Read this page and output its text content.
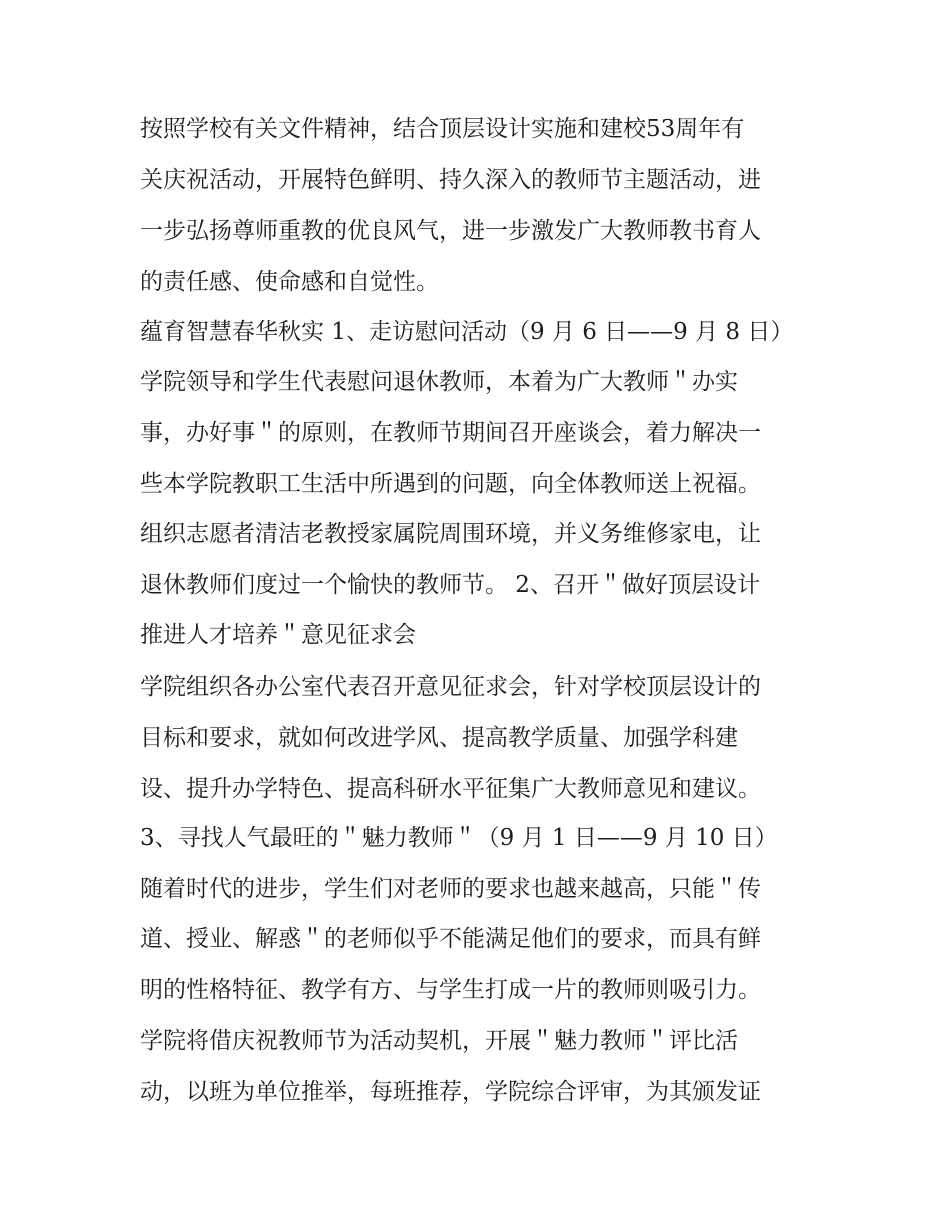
按照学校有关文件精神，结合顶层设计实施和建校53周年有
关庆祝活动，开展特色鲜明、持久深入的教师节主题活动，进
一步弘扬尊师重教的优良风气，进一步激发广大教师教书育人
的责任感、使命感和自觉性。
蕴育智慧春华秋实 1、走访慰问活动（9 月 6 日——9 月 8 日）
学院领导和学生代表慰问退休教师，本着为广大教师＂办实
事，办好事＂的原则，在教师节期间召开座谈会，着力解决一
些本学院教职工生活中所遇到的问题，向全体教师送上祝福。
组织志愿者清洁老教授家属院周围环境，并义务维修家电，让
退休教师们度过一个愉快的教师节。 2、召开＂做好顶层设计
推进人才培养＂意见征求会
学院组织各办公室代表召开意见征求会，针对学校顶层设计的
目标和要求，就如何改进学风、提高教学质量、加强学科建
设、提升办学特色、提高科研水平征集广大教师意见和建议。
3、寻找人气最旺的＂魅力教师＂（9 月 1 日——9 月 10 日）
随着时代的进步，学生们对老师的要求也越来越高，只能＂传
道、授业、解惑＂的老师似乎不能满足他们的要求，而具有鲜
明的性格特征、教学有方、与学生打成一片的教师则吸引力。
学院将借庆祝教师节为活动契机，开展＂魅力教师＂评比活
动，以班为单位推举，每班推荐，学院综合评审，为其颁发证
